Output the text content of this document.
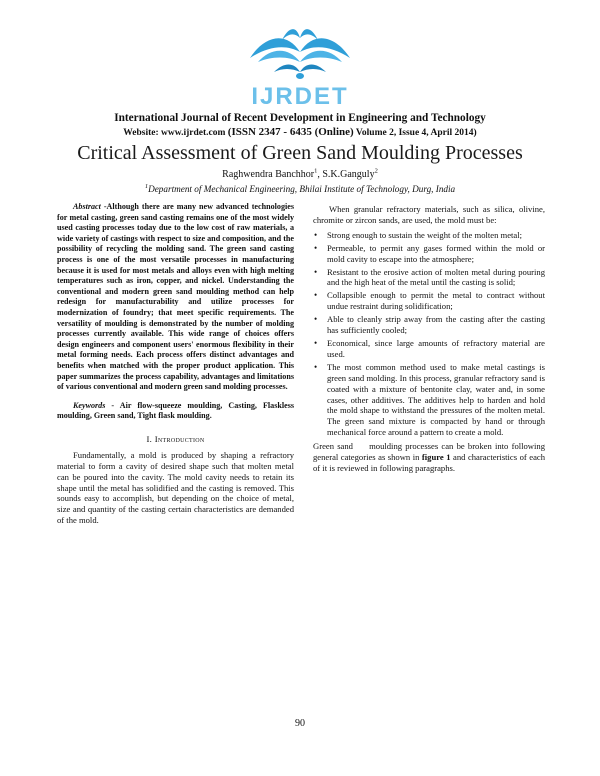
IJRDET
International Journal of Recent Development in Engineering and Technology
Website: www.ijrdet.com (ISSN 2347 - 6435 (Online) Volume 2, Issue 4, April 2014)
Critical Assessment of Green Sand Moulding Processes
Raghwendra Banchhor$^1$, S.K.Ganguly$^2$
$^1$Department of Mechanical Engineering, Bhilai Institute of Technology, Durg, India

Abstract -Although there are many new advanced technologies for metal casting, green sand casting remains one of the most widely used casting processes today due to the low cost of raw materials, a wide variety of castings with respect to size and composition, and the possibility of recycling the molding sand. The green sand casting process is one of the most versatile processes in manufacturing because it is used for most metals and alloys even with high melting temperatures such as iron, copper, and nickel. Understanding the conventional and modern green sand moulding method can help redesign for manufacturability and utilize processes for modernization of foundry; that meet specific requirements. The versatility of moulding is demonstrated by the number of molding processes currently available. This wide range of choices offers design engineers and component users' enormous flexibility in their metal forming needs. Each process offers distinct advantages and benefits when matched with the proper product application. This paper summarizes the process capability, advantages and limitations of various conventional and modern green sand molding processes.

Keywords - Air flow-squeeze moulding, Casting, Flaskless moulding, Green sand, Tight flask moulding.

I. Introduction

Fundamentally, a mold is produced by shaping a refractory material to form a cavity of desired shape such that molten metal can be poured into the cavity. The mold cavity needs to retain its shape until the metal has solidified and the casting is removed. This sounds easy to accomplish, but depending on the choice of metal, size and quantity of the casting certain characteristics are demanded of the mold.

When granular refractory materials, such as silica, olivine, chromite or zircon sands, are used, the mold must be:

• Strong enough to sustain the weight of the molten metal;
• Permeable, to permit any gases formed within the mold or mold cavity to escape into the atmosphere;
• Resistant to the erosive action of molten metal during pouring and the high heat of the metal until the casting is solid;
• Collapsible enough to permit the metal to contract without undue restraint during solidification;
• Able to cleanly strip away from the casting after the casting has sufficiently cooled;
• Economical, since large amounts of refractory material are used.
• The most common method used to make metal castings is green sand molding. In this process, granular refractory sand is coated with a mixture of bentonite clay, water and, in some cases, other additives. The additives help to harden and hold the mold shape to withstand the pressures of the molten metal. The green sand mixture is compacted by hand or through mechanical force around a pattern to create a mold.

Green sand     moulding processes can be broken into following general categories as shown in figure 1 and characteristics of each of it is reviewed in following paragraphs.

90
